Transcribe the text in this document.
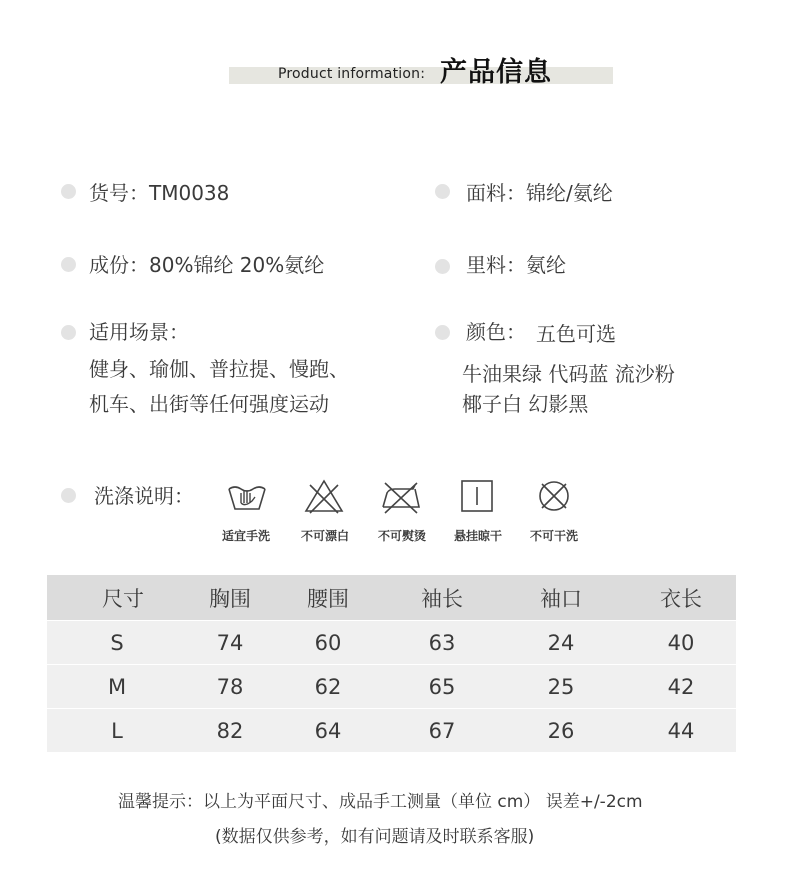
Product information: 产品信息
货号：TM0038
成份：80%锦纶 20%氨纶
适用场景：
健身、瑜伽、普拉提、慢跑、
机车、出街等任何强度运动
面料：锦纶/氨纶
里料：氨纶
颜色： 五色可选
牛油果绿 代码蓝 流沙粉
椰子白 幻影黑
洗涤说明：
适宜手洗	不可漂白	不可熨烫	悬挂晾干	不可干洗
尺寸	胸围	腰围	袖长	袖口	衣长
S	74	60	63	24	40
M	78	62	65	25	42
L	82	64	67	26	44
温馨提示：以上为平面尺寸、成品手工测量（单位 cm） 误差+/-2cm
(数据仅供参考，如有问题请及时联系客服)
